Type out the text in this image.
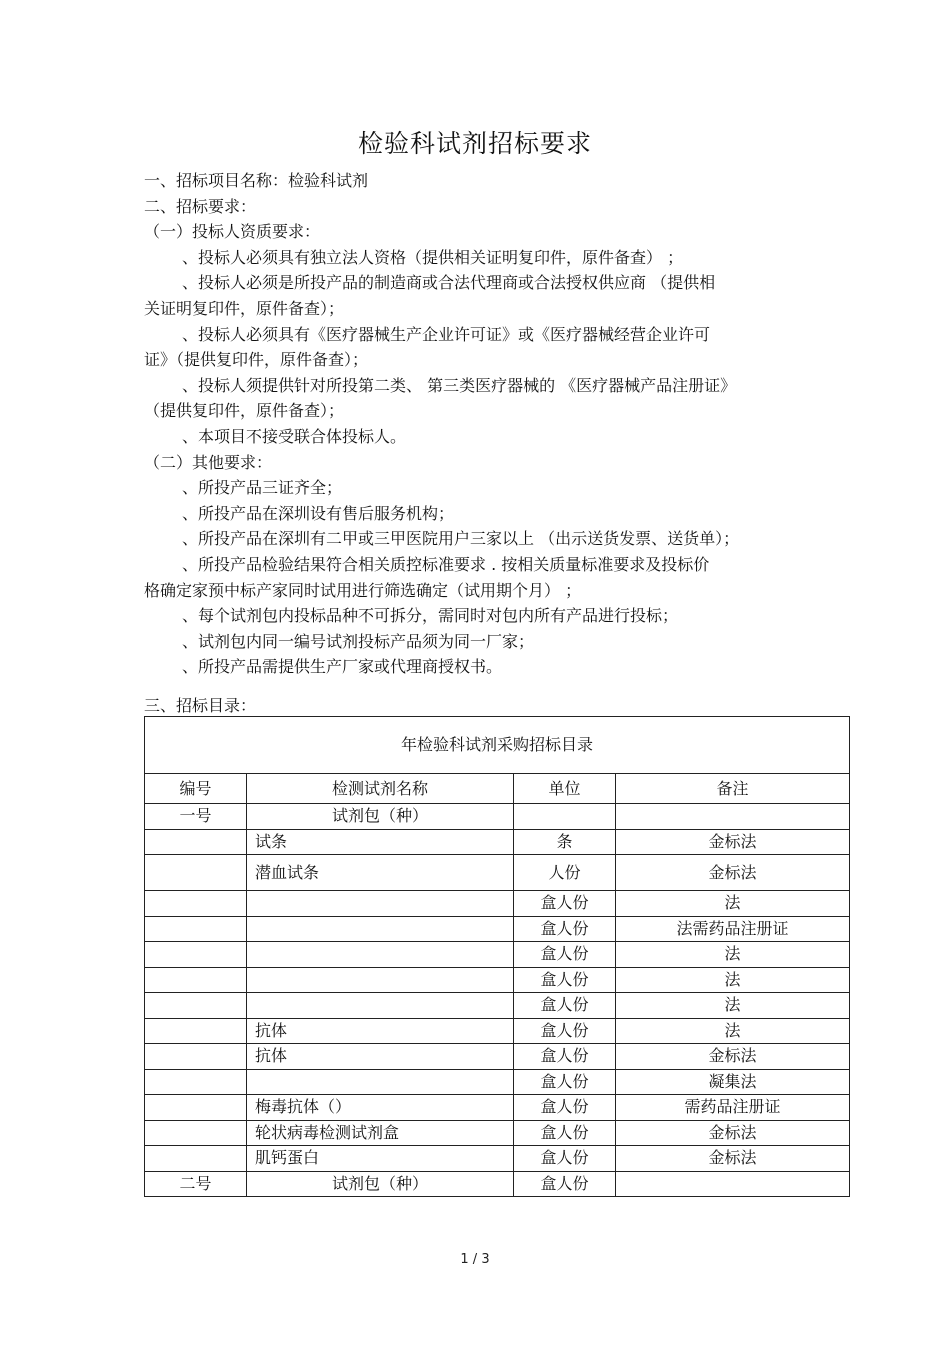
检验科试剂招标要求
一、招标项目名称：检验科试剂
二、招标要求：
（一）投标人资质要求：
、投标人必须具有独立法人资格（提供相关证明复印件，原件备查） ；
、投标人必须是所投产品的制造商或合法代理商或合法授权供应商 （提供相
关证明复印件，原件备查）；
、投标人必须具有《医疗器械生产企业许可证》或《医疗器械经营企业许可
证》（提供复印件，原件备查）；
、投标人须提供针对所投第二类、 第三类医疗器械的 《医疗器械产品注册证》
（提供复印件，原件备查）；
、本项目不接受联合体投标人。
（二）其他要求：
、所投产品三证齐全；
、所投产品在深圳设有售后服务机构；
、所投产品在深圳有二甲或三甲医院用户三家以上 （出示送货发票、送货单）；
、所投产品检验结果符合相关质控标准要求 . 按相关质量标准要求及投标价
格确定家预中标产家同时试用进行筛选确定（试用期个月） ；
、每个试剂包内投标品种不可拆分，需同时对包内所有产品进行投标；
、试剂包内同一编号试剂投标产品须为同一厂家；
、所投产品需提供生产厂家或代理商授权书。
三、招标目录：
年检验科试剂采购招标目录			
编号	检测试剂名称	单位	备注
一号	试剂包（种）		
	试条	条	金标法
	潜血试条	人份	金标法
		盒人份	法
		盒人份	法需药品注册证
		盒人份	法
		盒人份	法
		盒人份	法
	抗体	盒人份	法
	抗体	盒人份	金标法
		盒人份	凝集法
	梅毒抗体（）	盒人份	需药品注册证
	轮状病毒检测试剂盒	盒人份	金标法
	肌钙蛋白	盒人份	金标法
二号	试剂包（种）	盒人份	
1 / 3
